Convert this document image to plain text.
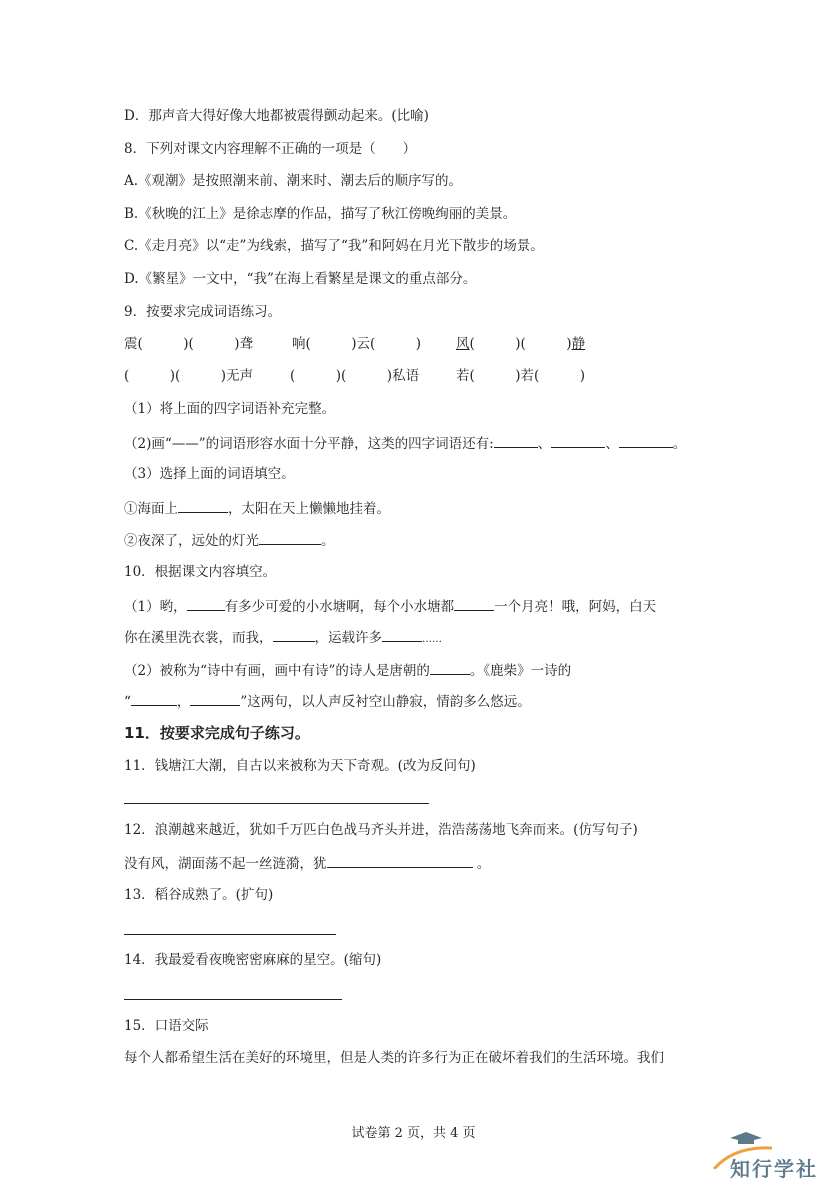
D．那声音大得好像大地都被震得颤动起来。(比喻)
8．下列对课文内容理解不正确的一项是（　　）
A.《观潮》是按照潮来前、潮来时、潮去后的顺序写的。
B.《秋晚的江上》是徐志摩的作品，描写了秋江傍晚绚丽的美景。
C.《走月亮》以“走”为线索，描写了“我”和阿妈在月光下散步的场景。
D.《繁星》一文中，“我”在海上看繁星是课文的重点部分。
9．按要求完成词语练习。
震(　　　)(　　　)聋	响(　　　)云(　　　)	风(　　　)(　　　)静
(　　　)(　　　)无声	(　　　)(　　　)私语	若(　　　)若(　　　)
（1）将上面的四字词语补充完整。
（2)画“——”的词语形容水面十分平静，这类的四字词语还有:	、	、	。
（3）选择上面的词语填空。
①海面上	，太阳在天上懒懒地挂着。
②夜深了，远处的灯光	。
10．根据课文内容填空。
（1）哟，	有多少可爱的小水塘啊，每个小水塘都	一个月亮！哦，阿妈，白天
你在溪里洗衣裳，而我，	，运载许多	……
（2）被称为“诗中有画，画中有诗”的诗人是唐朝的	。《鹿柴》一诗的
“	，	”这两句，以人声反衬空山静寂，情韵多么悠远。
11．按要求完成句子练习。
11．钱塘江大潮，自古以来被称为天下奇观。(改为反问句)
12．浪潮越来越近，犹如千万匹白色战马齐头并进，浩浩荡荡地飞奔而来。(仿写句子)
没有风，湖面荡不起一丝涟漪，犹	。
13．稻谷成熟了。(扩句)
14．我最爱看夜晚密密麻麻的星空。(缩句)
15．口语交际
每个人都希望生活在美好的环境里，但是人类的许多行为正在破坏着我们的生活环境。我们
试卷第 2 页，共 4 页
知行学社
